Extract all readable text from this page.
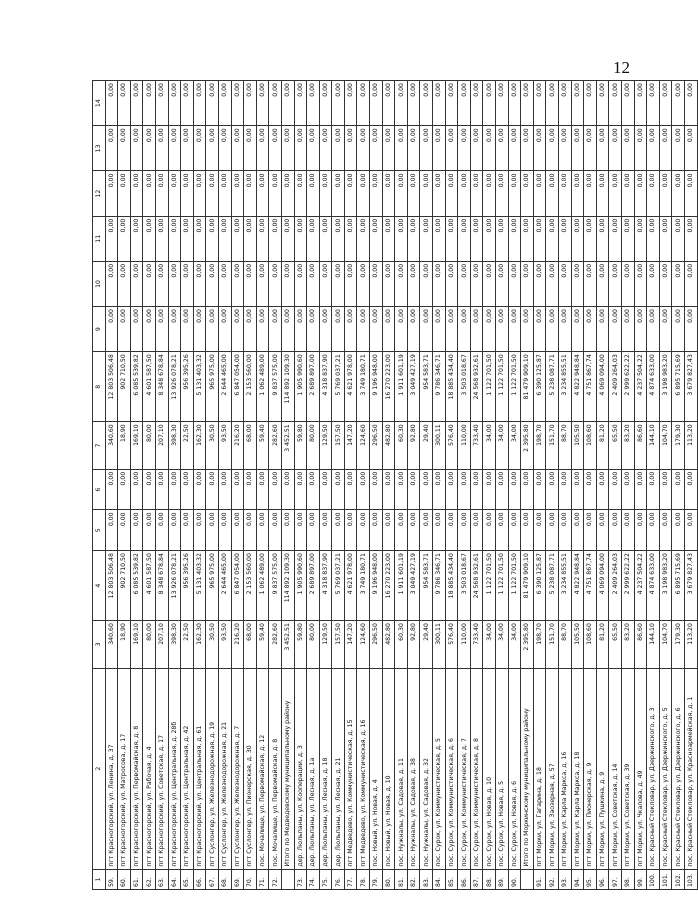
12
1	2	3	4	5	6	7	8	9	10	11	12	13	14
59.	пгт Красногорский, ул. Ленина, д. 37	340,60	12 803 506,48	0,00	0,00	340,60	12 803 506,48	0,00	0,00	0,00	0,00	0,00	0,00
60.	пгт Красногорский, ул. Матросова, д. 17	18,90	902 710,50	0,00	0,00	18,90	902 710,50	0,00	0,00	0,00	0,00	0,00	0,00
61.	пгт Красногорский, ул. Первомайская, д. 8	169,10	6 085 539,82	0,00	0,00	169,10	6 085 539,82	0,00	0,00	0,00	0,00	0,00	0,00
62.	пгт Красногорский, ул. Рабочая, д. 4	80,00	4 601 587,50	0,00	0,00	80,00	4 601 587,50	0,00	0,00	0,00	0,00	0,00	0,00
63.	пгт Красногорский, ул. Советская, д. 17	207,10	8 348 678,84	0,00	0,00	207,10	8 348 678,84	0,00	0,00	0,00	0,00	0,00	0,00
64.	пгт Красногорский, ул. Центральная, д. 28б	398,30	13 926 078,21	0,00	0,00	398,30	13 926 078,21	0,00	0,00	0,00	0,00	0,00	0,00
65.	пгт Красногорский, ул. Центральная, д. 42	22,50	956 395,26	0,00	0,00	22,50	956 395,26	0,00	0,00	0,00	0,00	0,00	0,00
66.	пгт Красногорский, ул. Центральная, д. 61	162,30	5 131 403,32	0,00	0,00	162,30	5 131 403,32	0,00	0,00	0,00	0,00	0,00	0,00
67.	пгт Суслонгер, ул. Железнодорожная, д. 19	30,50	965 975,00	0,00	0,00	30,50	965 975,00	0,00	0,00	0,00	0,00	0,00	0,00
68.	пгт Суслонгер, ул. Железнодорожная, д. 21	93,50	2 644 465,00	0,00	0,00	93,50	2 644 465,00	0,00	0,00	0,00	0,00	0,00	0,00
69.	пгт Суслонгер, ул. Железнодорожная, д. 7	216,20	6 847 054,00	0,00	0,00	216,20	6 847 054,00	0,00	0,00	0,00	0,00	0,00	0,00
70.	пгт Суслонгер, ул. Пионерская, д. 30	68,00	2 153 560,00	0,00	0,00	68,00	2 153 560,00	0,00	0,00	0,00	0,00	0,00	0,00
71.	пос. Мочалище, ул. Первомайская, д. 12	59,40	1 062 489,00	0,00	0,00	59,40	1 062 489,00	0,00	0,00	0,00	0,00	0,00	0,00
72.	пос. Мочалище, ул. Первомайская, д. 8	282,60	9 837 575,00	0,00	0,00	282,60	9 837 575,00	0,00	0,00	0,00	0,00	0,00	0,00
	Итого по Медведевскому муниципальному району	3 452,51	114 892 109,30	0,00	0,00	3 452,51	114 892 109,30	0,00	0,00	0,00	0,00	0,00	0,00
73.	дер. Люльпаны, ул. Кооперации, д. 3	59,80	1 905 990,60	0,00	0,00	59,80	1 905 990,60	0,00	0,00	0,00	0,00	0,00	0,00
74.	дер. Люльпаны, ул. Лесная, д. 1а	80,00	2 689 897,00	0,00	0,00	80,00	2 689 897,00	0,00	0,00	0,00	0,00	0,00	0,00
75.	дер. Люльпаны, ул. Лесная, д. 18	129,50	4 318 837,90	0,00	0,00	129,50	4 318 837,90	0,00	0,00	0,00	0,00	0,00	0,00
76.	дер. Люльпаны, ул. Лесная, д. 21	157,50	5 769 037,21	0,00	0,00	157,50	5 769 037,21	0,00	0,00	0,00	0,00	0,00	0,00
77.	пгт Медведево, ул. Коммунистическая, д. 15	147,20	4 621 978,00	0,00	0,00	147,20	4 621 978,00	0,00	0,00	0,00	0,00	0,00	0,00
78.	пгт Медведево, ул. Коммунистическая, д. 16	124,60	3 749 180,71	0,00	0,00	124,60	3 749 180,71	0,00	0,00	0,00	0,00	0,00	0,00
79.	пос. Новый, ул. Новая, д. 4	296,50	9 196 948,00	0,00	0,00	296,50	9 196 948,00	0,00	0,00	0,00	0,00	0,00	0,00
80.	пос. Новый, ул. Новая, д. 10	482,80	16 270 223,00	0,00	0,00	482,80	16 270 223,00	0,00	0,00	0,00	0,00	0,00	0,00
81.	пос. Нужналы, ул. Садовая, д. 11	60,30	1 911 601,19	0,00	0,00	60,30	1 911 601,19	0,00	0,00	0,00	0,00	0,00	0,00
82.	пос. Нужналы, ул. Садовая, д. 38	92,80	3 049 427,19	0,00	0,00	92,80	3 049 427,19	0,00	0,00	0,00	0,00	0,00	0,00
83.	пос. Нужналы, ул. Садовая, д. 32	29,40	954 583,71	0,00	0,00	29,40	954 583,71	0,00	0,00	0,00	0,00	0,00	0,00
84.	пос. Сурок, ул. Коммунистическая, д. 5	300,11	9 786 346,71	0,00	0,00	300,11	9 786 346,71	0,00	0,00	0,00	0,00	0,00	0,00
85.	пос. Сурок, ул. Коммунистическая, д. 6	576,40	18 885 434,40	0,00	0,00	576,40	18 885 434,40	0,00	0,00	0,00	0,00	0,00	0,00
86.	пос. Сурок, ул. Коммунистическая, д. 7	110,00	3 503 018,67	0,00	0,00	110,00	3 503 018,67	0,00	0,00	0,00	0,00	0,00	0,00
87.	пос. Сурок, ул. Коммунистическая, д. 8	733,40	24 568 932,61	0,00	0,00	733,40	24 568 932,61	0,00	0,00	0,00	0,00	0,00	0,00
88.	пос. Сурок, ул. Новая, д. 10	34,00	1 122 701,50	0,00	0,00	34,00	1 122 701,50	0,00	0,00	0,00	0,00	0,00	0,00
89.	пос. Сурок, ул. Новая, д. 5	34,00	1 122 701,50	0,00	0,00	34,00	1 122 701,50	0,00	0,00	0,00	0,00	0,00	0,00
90.	пос. Сурок, ул. Новая, д. 6	34,00	1 122 701,50	0,00	0,00	34,00	1 122 701,50	0,00	0,00	0,00	0,00	0,00	0,00
	Итого по Моркинскому муниципальному району	2 395,80	81 479 909,10	0,00	0,00	2 395,80	81 479 909,10	0,00	0,00	0,00	0,00	0,00	0,00
91.	пгт Морки, ул. Гагарина, д. 18	198,70	6 390 125,87	0,00	0,00	198,70	6 390 125,87	0,00	0,00	0,00	0,00	0,00	0,00
92.	пгт Морки, ул. Заозерная, д. 57	151,70	5 238 087,71	0,00	0,00	151,70	5 238 087,71	0,00	0,00	0,00	0,00	0,00	0,00
93.	пгт Морки, ул. Карла Маркса, д. 16	88,70	3 234 855,51	0,00	0,00	88,70	3 234 855,51	0,00	0,00	0,00	0,00	0,00	0,00
94.	пгт Морки, ул. Карла Маркса, д. 18	105,50	4 822 948,84	0,00	0,00	105,50	4 822 948,84	0,00	0,00	0,00	0,00	0,00	0,00
95.	пгт Морки, ул. Пионерская, д. 9	108,60	4 751 867,74	0,00	0,00	108,60	4 751 867,74	0,00	0,00	0,00	0,00	0,00	0,00
96.	пгт Морки, ул. Пушкина, д. 9	81,20	4 069 094,00	0,00	0,00	81,20	4 069 094,00	0,00	0,00	0,00	0,00	0,00	0,00
97.	пгт Морки, ул. Советская, д. 14	65,50	2 409 264,03	0,00	0,00	65,50	2 409 264,03	0,00	0,00	0,00	0,00	0,00	0,00
98.	пгт Морки, ул. Советская, д. 39	83,20	2 999 622,22	0,00	0,00	83,20	2 999 622,22	0,00	0,00	0,00	0,00	0,00	0,00
99.	пгт Морки, ул. Чкалова, д. 49	86,60	4 237 504,22	0,00	0,00	86,60	4 237 504,22	0,00	0,00	0,00	0,00	0,00	0,00
100.	пос. Красный Стекловар, ул. Дзержинского, д. 3	144,10	4 874 633,00	0,00	0,00	144,10	4 874 633,00	0,00	0,00	0,00	0,00	0,00	0,00
101.	пос. Красный Стекловар, ул. Дзержинского, д. 5	104,70	3 198 983,20	0,00	0,00	104,70	3 198 983,20	0,00	0,00	0,00	0,00	0,00	0,00
102.	пос. Красный Стекловар, ул. Дзержинского, д. 6	179,30	6 895 715,69	0,00	0,00	179,30	6 895 715,69	0,00	0,00	0,00	0,00	0,00	0,00
103.	пос. Красный Стекловар, ул. Красноармейская, д. 1	113,20	3 679 827,43	0,00	0,00	113,20	3 679 827,43	0,00	0,00	0,00	0,00	0,00	0,00
